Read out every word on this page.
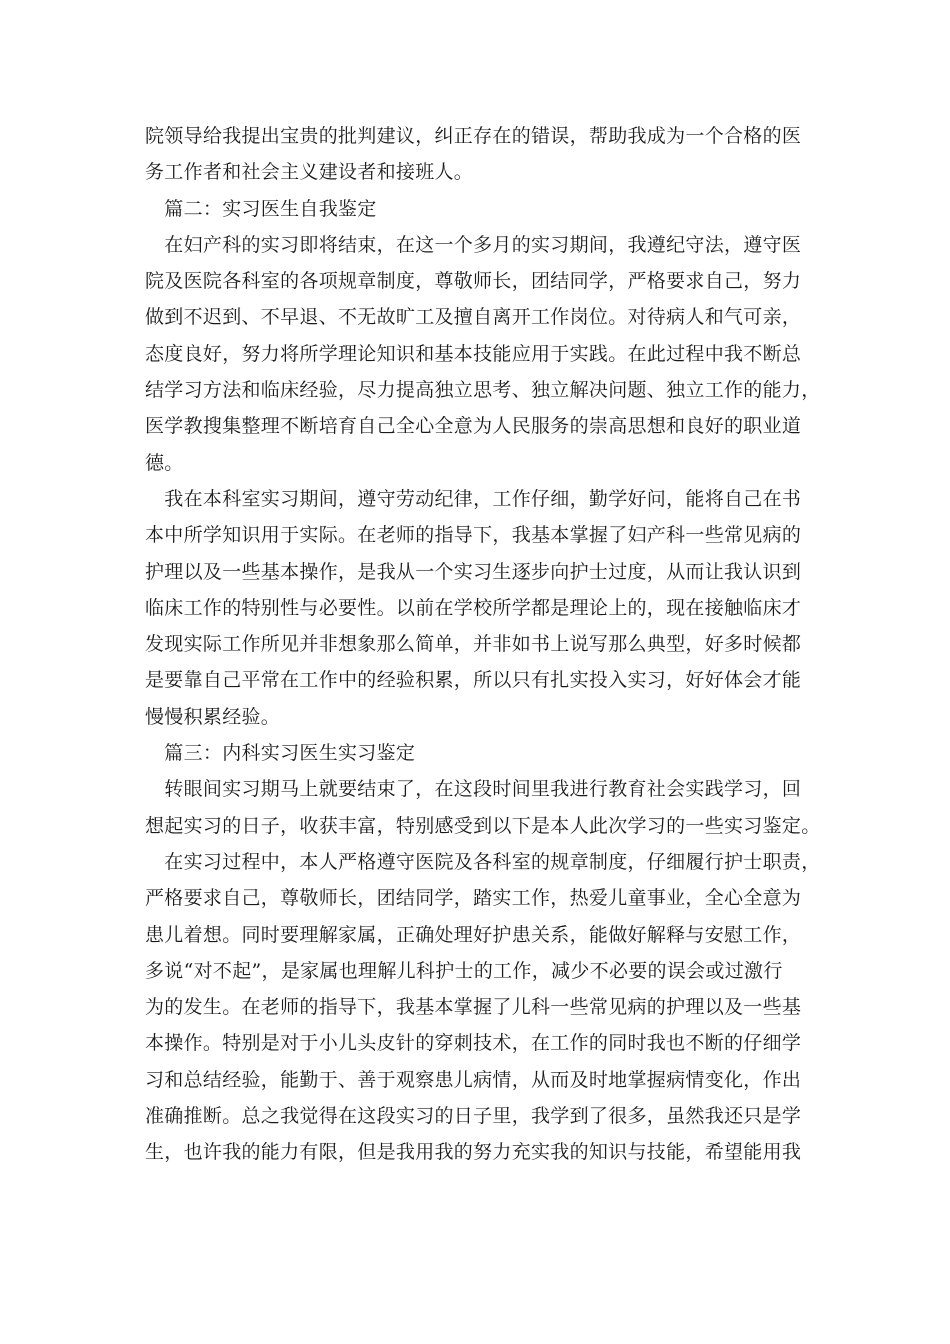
院领导给我提出宝贵的批判建议，纠正存在的错误，帮助我成为一个合格的医
务工作者和社会主义建设者和接班人。
　篇二：实习医生自我鉴定
　在妇产科的实习即将结束，在这一个多月的实习期间，我遵纪守法，遵守医
院及医院各科室的各项规章制度，尊敬师长，团结同学，严格要求自己，努力
做到不迟到、不早退、不无故旷工及擅自离开工作岗位。对待病人和气可亲，
态度良好，努力将所学理论知识和基本技能应用于实践。在此过程中我不断总
结学习方法和临床经验，尽力提高独立思考、独立解决问题、独立工作的能力，
医学教搜集整理不断培育自己全心全意为人民服务的崇高思想和良好的职业道
德。
　我在本科室实习期间，遵守劳动纪律，工作仔细，勤学好问，能将自己在书
本中所学知识用于实际。在老师的指导下，我基本掌握了妇产科一些常见病的
护理以及一些基本操作，是我从一个实习生逐步向护士过度，从而让我认识到
临床工作的特别性与必要性。以前在学校所学都是理论上的，现在接触临床才
发现实际工作所见并非想象那么简单，并非如书上说写那么典型，好多时候都
是要靠自己平常在工作中的经验积累，所以只有扎实投入实习，好好体会才能
慢慢积累经验。
　篇三：内科实习医生实习鉴定
　转眼间实习期马上就要结束了，在这段时间里我进行教育社会实践学习，回
想起实习的日子，收获丰富，特别感受到以下是本人此次学习的一些实习鉴定。
　在实习过程中，本人严格遵守医院及各科室的规章制度，仔细履行护士职责，
严格要求自己，尊敬师长，团结同学，踏实工作，热爱儿童事业，全心全意为
患儿着想。同时要理解家属，正确处理好护患关系，能做好解释与安慰工作，
多说“对不起”，是家属也理解儿科护士的工作，减少不必要的误会或过激行
为的发生。在老师的指导下，我基本掌握了儿科一些常见病的护理以及一些基
本操作。特别是对于小儿头皮针的穿刺技术，在工作的同时我也不断的仔细学
习和总结经验，能勤于、善于观察患儿病情，从而及时地掌握病情变化，作出
准确推断。总之我觉得在这段实习的日子里，我学到了很多，虽然我还只是学
生，也许我的能力有限，但是我用我的努力充实我的知识与技能，希望能用我
